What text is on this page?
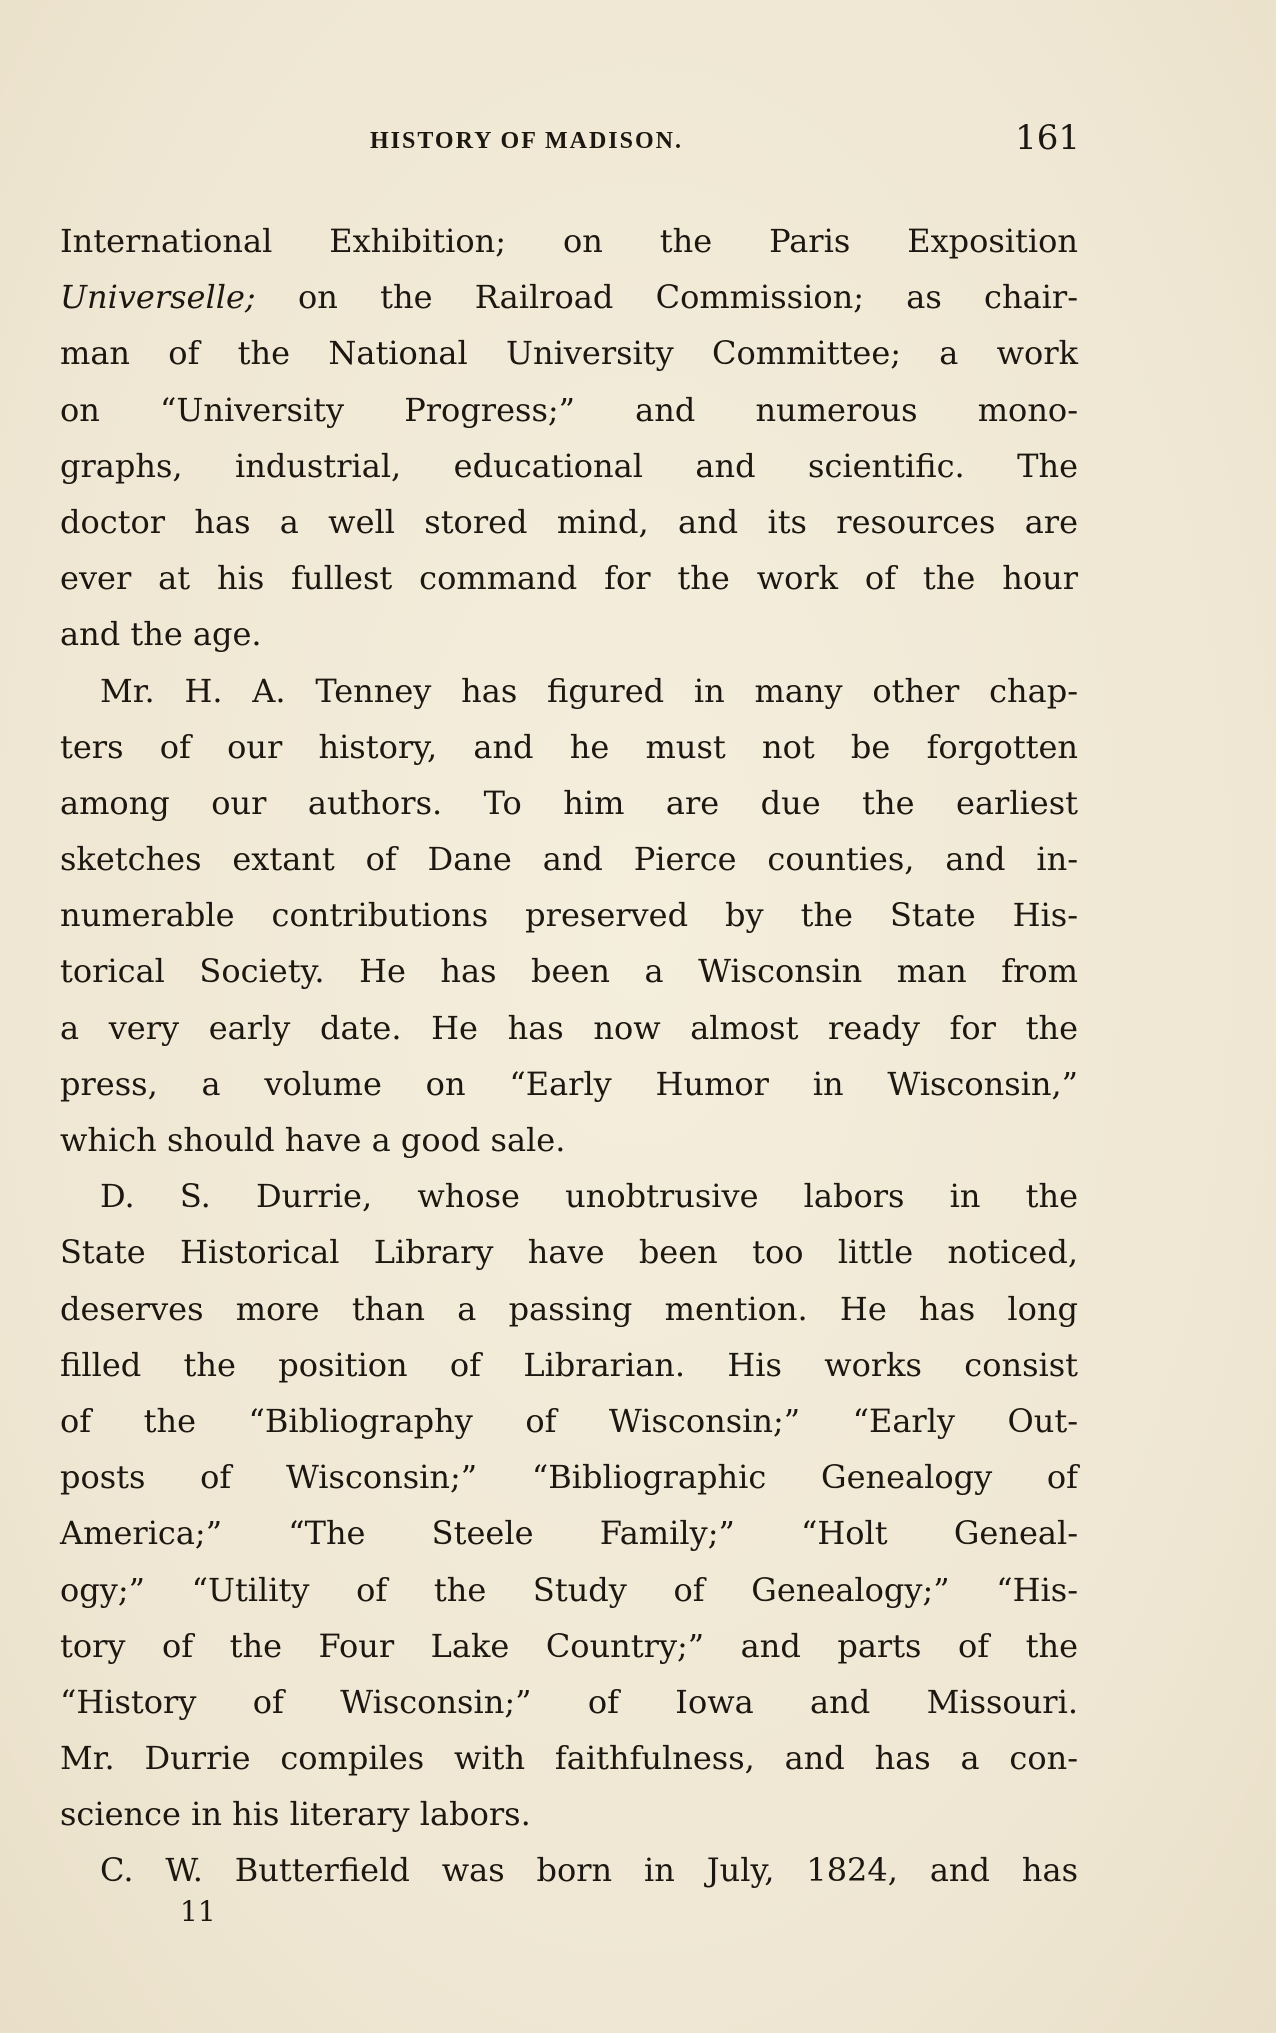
HISTORY OF MADISON.	161
International Exhibition; on the Paris Exposition
Universelle; on the Railroad Commission; as chair-
man of the National University Committee; a work
on “University Progress;” and numerous mono-
graphs, industrial, educational and scientific. The
doctor has a well stored mind, and its resources are
ever at his fullest command for the work of the hour
and the age.
Mr. H. A. Tenney has figured in many other chap-
ters of our history, and he must not be forgotten
among our authors. To him are due the earliest
sketches extant of Dane and Pierce counties, and in-
numerable contributions preserved by the State His-
torical Society. He has been a Wisconsin man from
a very early date. He has now almost ready for the
press, a volume on “Early Humor in Wisconsin,”
which should have a good sale.
D. S. Durrie, whose unobtrusive labors in the
State Historical Library have been too little noticed,
deserves more than a passing mention. He has long
filled the position of Librarian. His works consist
of the “Bibliography of Wisconsin;” “Early Out-
posts of Wisconsin;” “Bibliographic Genealogy of
America;” “The Steele Family;” “Holt Geneal-
ogy;” “Utility of the Study of Genealogy;” “His-
tory of the Four Lake Country;” and parts of the
“History of Wisconsin;” of Iowa and Missouri.
Mr. Durrie compiles with faithfulness, and has a con-
science in his literary labors.
C. W. Butterfield was born in July, 1824, and has
11
